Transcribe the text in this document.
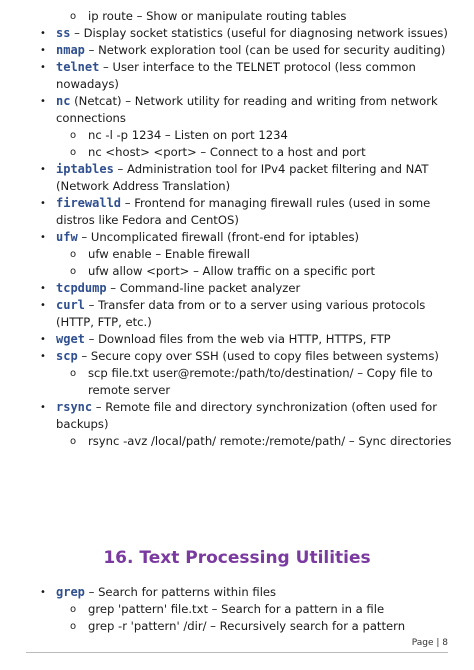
o ip route – Show or manipulate routing tables
• ss – Display socket statistics (useful for diagnosing network issues)
• nmap – Network exploration tool (can be used for security auditing)
• telnet – User interface to the TELNET protocol (less common nowadays)
• nc (Netcat) – Network utility for reading and writing from network connections
o nc -l -p 1234 – Listen on port 1234
o nc <host> <port> – Connect to a host and port
• iptables – Administration tool for IPv4 packet filtering and NAT (Network Address Translation)
• firewalld – Frontend for managing firewall rules (used in some distros like Fedora and CentOS)
• ufw – Uncomplicated firewall (front-end for iptables)
o ufw enable – Enable firewall
o ufw allow <port> – Allow traffic on a specific port
• tcpdump – Command-line packet analyzer
• curl – Transfer data from or to a server using various protocols (HTTP, FTP, etc.)
• wget – Download files from the web via HTTP, HTTPS, FTP
• scp – Secure copy over SSH (used to copy files between systems)
o scp file.txt user@remote:/path/to/destination/ – Copy file to remote server
• rsync – Remote file and directory synchronization (often used for backups)
o rsync -avz /local/path/ remote:/remote/path/ – Sync directories
16. Text Processing Utilities
• grep – Search for patterns within files
o grep 'pattern' file.txt – Search for a pattern in a file
o grep -r 'pattern' /dir/ – Recursively search for a pattern
Page | 8
